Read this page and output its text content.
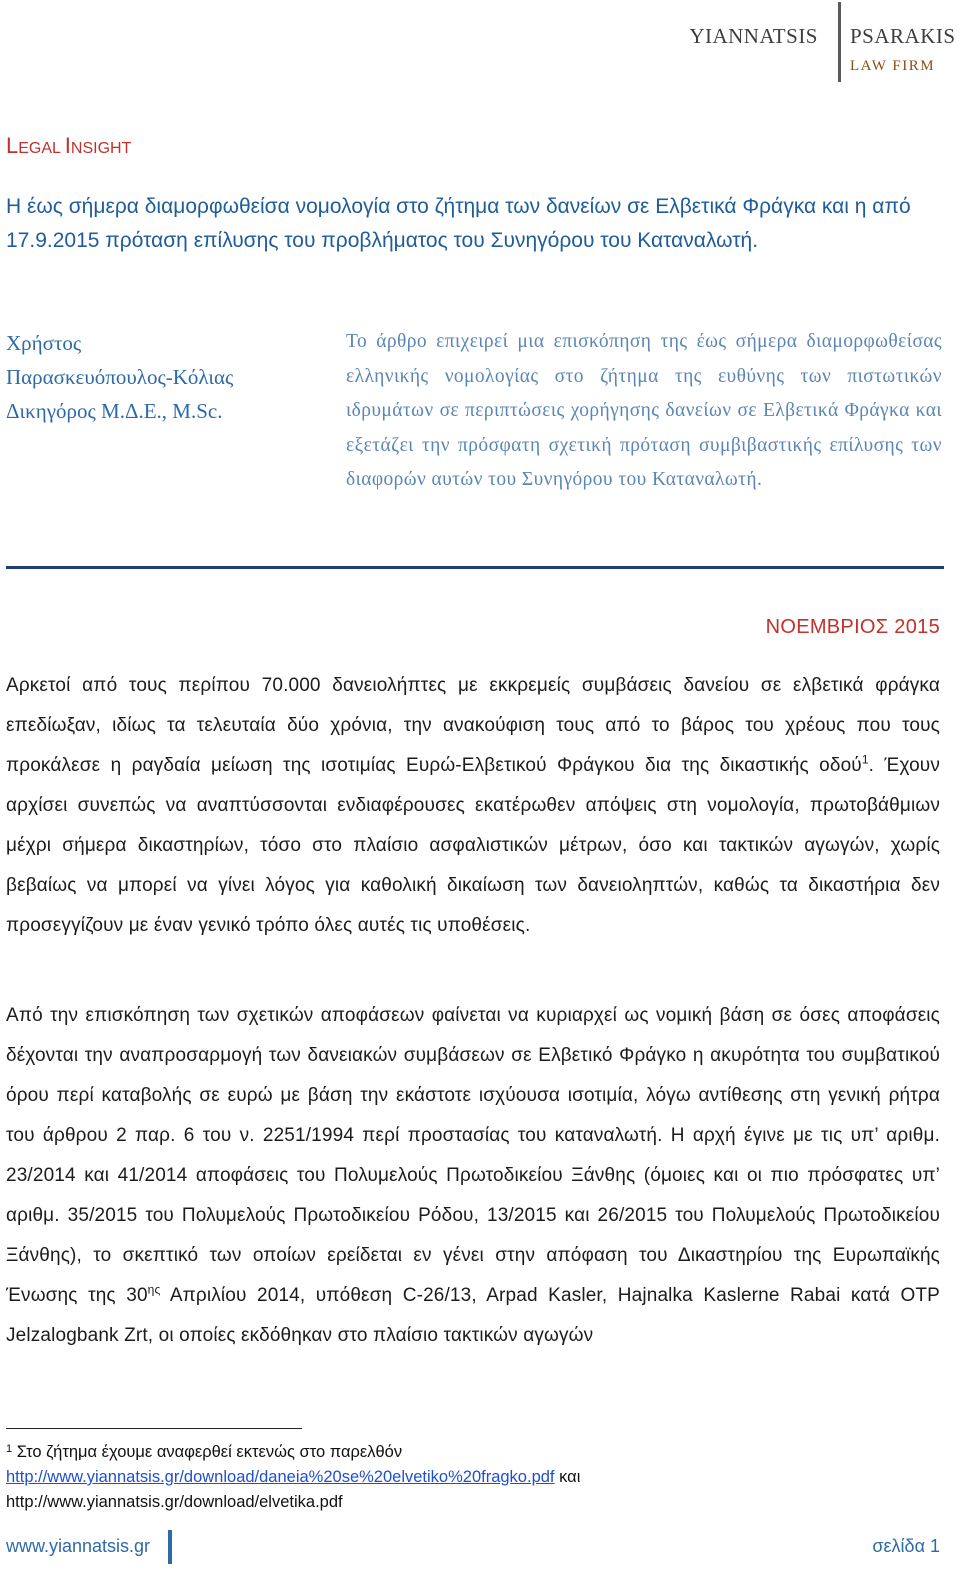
YIANNATSIS PSARAKIS
LAW FIRM
LEGAL INSIGHT
Η έως σήμερα διαμορφωθείσα νομολογία στο ζήτημα των δανείων σε Ελβετικά Φράγκα και η από 17.9.2015 πρόταση επίλυσης του προβλήματος του Συνηγόρου του Καταναλωτή.
Χρήστος
Παρασκευόπουλος-Κόλιας
Δικηγόρος Μ.Δ.Ε., M.Sc.
Το άρθρο επιχειρεί μια επισκόπηση της έως σήμερα διαμορφωθείσας ελληνικής νομολογίας στο ζήτημα της ευθύνης των πιστωτικών ιδρυμάτων σε περιπτώσεις χορήγησης δανείων σε Ελβετικά Φράγκα και εξετάζει την πρόσφατη σχετική πρόταση συμβιβαστικής επίλυσης των διαφορών αυτών του Συνηγόρου του Καταναλωτή.
ΝΟΕΜΒΡΙΟΣ 2015
Αρκετοί από τους περίπου 70.000 δανειολήπτες με εκκρεμείς συμβάσεις δανείου σε ελβετικά φράγκα επεδίωξαν, ιδίως τα τελευταία δύο χρόνια, την ανακούφιση τους από το βάρος του χρέους που τους προκάλεσε η ραγδαία μείωση της ισοτιμίας Ευρώ-Ελβετικού Φράγκου δια της δικαστικής οδού$^1$. Έχουν αρχίσει συνεπώς να αναπτύσσονται ενδιαφέρουσες εκατέρωθεν απόψεις στη νομολογία, πρωτοβάθμιων μέχρι σήμερα δικαστηρίων, τόσο στο πλαίσιο ασφαλιστικών μέτρων, όσο και τακτικών αγωγών, χωρίς βεβαίως να μπορεί να γίνει λόγος για καθολική δικαίωση των δανειοληπτών, καθώς τα δικαστήρια δεν προσεγγίζουν με έναν γενικό τρόπο όλες αυτές τις υποθέσεις.
Από την επισκόπηση των σχετικών αποφάσεων φαίνεται να κυριαρχεί ως νομική βάση σε όσες αποφάσεις δέχονται την αναπροσαρμογή των δανειακών συμβάσεων σε Ελβετικό Φράγκο η ακυρότητα του συμβατικού όρου περί καταβολής σε ευρώ με βάση την εκάστοτε ισχύουσα ισοτιμία, λόγω αντίθεσης στη γενική ρήτρα του άρθρου 2 παρ. 6 του ν. 2251/1994 περί προστασίας του καταναλωτή. Η αρχή έγινε με τις υπ’ αριθμ. 23/2014 και 41/2014 αποφάσεις του Πολυμελούς Πρωτοδικείου Ξάνθης (όμοιες και οι πιο πρόσφατες υπ’ αριθμ. 35/2015 του Πολυμελούς Πρωτοδικείου Ρόδου, 13/2015 και 26/2015 του Πολυμελούς Πρωτοδικείου Ξάνθης), το σκεπτικό των οποίων ερείδεται εν γένει στην απόφαση του Δικαστηρίου της Ευρωπαϊκής Ένωσης της $30^{\eta\varsigma}$ Απριλίου 2014, υπόθεση C-26/13, Arpad Kasler, Hajnalka Kaslerne Rabai κατά OTP Jelzalogbank Zrt, οι οποίες εκδόθηκαν στο πλαίσιο τακτικών αγωγών
$^1$ Στο ζήτημα έχουμε αναφερθεί εκτενώς στο παρελθόν
http://www.yiannatsis.gr/download/daneia%20se%20elvetiko%20fragko.pdf και
http://www.yiannatsis.gr/download/elvetika.pdf
www.yiannatsis.gr	σελίδα 1
